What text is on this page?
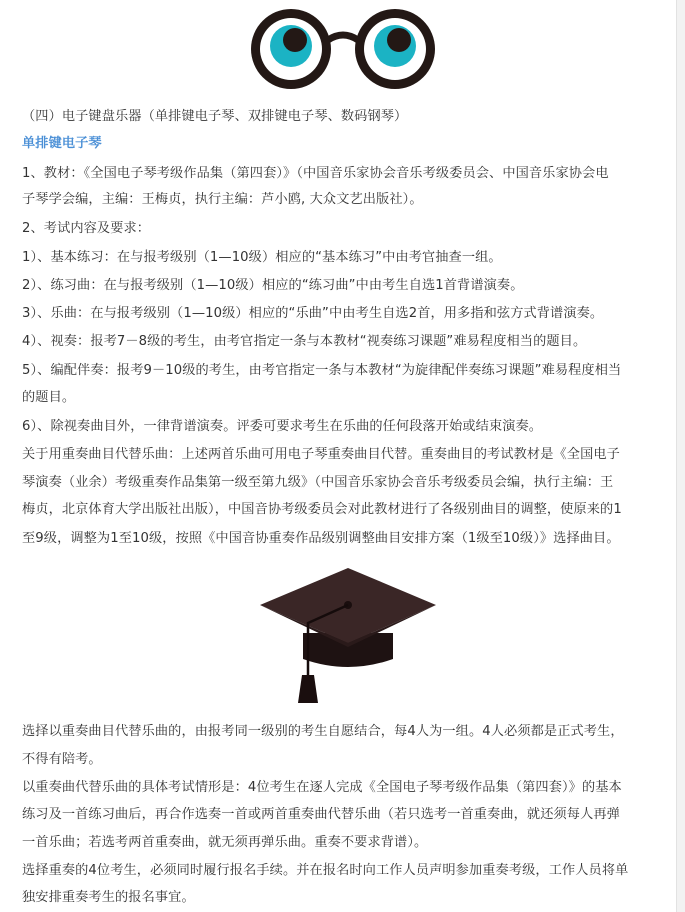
（四）电子键盘乐器（单排键电子琴、双排键电子琴、数码钢琴）
单排键电子琴
1、教材：《全国电子琴考级作品集（第四套）》（中国音乐家协会音乐考级委员会、中国音乐家协会电
子琴学会编，主编：王梅贞，执行主编：芦小鸥, 大众文艺出版社）。
2、考试内容及要求：
1）、基本练习：在与报考级别（1—10级）相应的“基本练习”中由考官抽查一组。
2）、练习曲：在与报考级别（1—10级）相应的“练习曲”中由考生自选1首背谱演奏。
3）、乐曲：在与报考级别（1—10级）相应的“乐曲”中由考生自选2首，用多指和弦方式背谱演奏。
4）、视奏：报考7－8级的考生，由考官指定一条与本教材“视奏练习课题”难易程度相当的题目。
5）、编配伴奏：报考9－10级的考生，由考官指定一条与本教材“为旋律配伴奏练习课题”难易程度相当
的题目。
6）、除视奏曲目外，一律背谱演奏。评委可要求考生在乐曲的任何段落开始或结束演奏。
关于用重奏曲目代替乐曲：上述两首乐曲可用电子琴重奏曲目代替。重奏曲目的考试教材是《全国电子
琴演奏（业余）考级重奏作品集第一级至第九级》（中国音乐家协会音乐考级委员会编，执行主编：王
梅贞，北京体育大学出版社出版），中国音协考级委员会对此教材进行了各级别曲目的调整，使原来的1
至9级，调整为1至10级，按照《中国音协重奏作品级别调整曲目安排方案（1级至10级）》选择曲目。
选择以重奏曲目代替乐曲的，由报考同一级别的考生自愿结合，每4人为一组。4人必须都是正式考生，
不得有陪考。
以重奏曲代替乐曲的具体考试情形是：4位考生在逐人完成《全国电子琴考级作品集（第四套）》的基本
练习及一首练习曲后，再合作选奏一首或两首重奏曲代替乐曲（若只选考一首重奏曲，就还须每人再弹
一首乐曲；若选考两首重奏曲，就无须再弹乐曲。重奏不要求背谱）。
选择重奏的4位考生，必须同时履行报名手续。并在报名时向工作人员声明参加重奏考级，工作人员将单
独安排重奏考生的报名事宜。
